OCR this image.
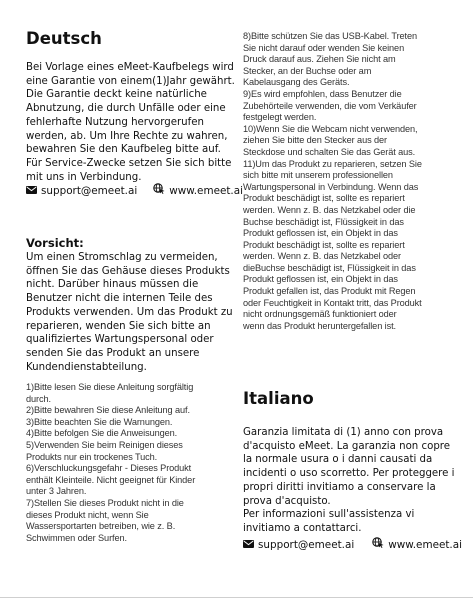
Deutsch
Bei Vorlage eines eMeet-Kaufbelegs wird
eine Garantie von einem(1)Jahr gewährt.
Die Garantie deckt keine natürliche
Abnutzung, die durch Unfälle oder eine
fehlerhafte Nutzung hervorgerufen
werden, ab. Um Ihre Rechte zu wahren,
bewahren Sie den Kaufbeleg bitte auf.
Für Service-Zwecke setzen Sie sich bitte
mit uns in Verbindung.
support@emeet.ai	www.emeet.ai
Vorsicht:
Um einen Stromschlag zu vermeiden,
öffnen Sie das Gehäuse dieses Produkts
nicht. Darüber hinaus müssen die
Benutzer nicht die internen Teile des
Produkts verwenden. Um das Produkt zu
reparieren, wenden Sie sich bitte an
qualifiziertes Wartungspersonal oder
senden Sie das Produkt an unsere
Kundendienstabteilung.
1)Bitte lesen Sie diese Anleitung sorgfältig
durch.
2)Bitte bewahren Sie diese Anleitung auf.
3)Bitte beachten Sie die Warnungen.
4)Bitte befolgen Sie die Anweisungen.
5)Verwenden Sie beim Reinigen dieses
Produkts nur ein trockenes Tuch.
6)Verschluckungsgefahr - Dieses Produkt
enthält Kleinteile. Nicht geeignet für Kinder
unter 3 Jahren.
7)Stellen Sie dieses Produkt nicht in die
dieses Produkt nicht, wenn Sie
Wassersportarten betreiben, wie z. B.
Schwimmen oder Surfen.
8)Bitte schützen Sie das USB-Kabel. Treten
Sie nicht darauf oder wenden Sie keinen
Druck darauf aus. Ziehen Sie nicht am
Stecker, an der Buchse oder am
Kabelausgang des Geräts.
9)Es wird empfohlen, dass Benutzer die
Zubehörteile verwenden, die vom Verkäufer
festgelegt werden.
10)Wenn Sie die Webcam nicht verwenden,
ziehen Sie bitte den Stecker aus der
Steckdose und schalten Sie das Gerät aus.
11)Um das Produkt zu reparieren, setzen Sie
sich bitte mit unserem professionellen
Wartungspersonal in Verbindung. Wenn das
Produkt beschädigt ist, sollte es repariert
werden. Wenn z. B. das Netzkabel oder die
Buchse beschädigt ist, Flüssigkeit in das
Produkt geflossen ist, ein Objekt in das
Produkt beschädigt ist, sollte es repariert
werden. Wenn z. B. das Netzkabel oder
dieBuchse beschädigt ist, Flüssigkeit in das
Produkt geflossen ist, ein Objekt in das
Produkt gefallen ist, das Produkt mit Regen
oder Feuchtigkeit in Kontakt tritt, das Produkt
nicht ordnungsgemäß funktioniert oder
wenn das Produkt heruntergefallen ist.
Italiano
Garanzia limitata di (1) anno con prova
d'acquisto eMeet. La garanzia non copre
la normale usura o i danni causati da
incidenti o uso scorretto. Per proteggere i
propri diritti invitiamo a conservare la
prova d'acquisto.
Per informazioni sull'assistenza vi
invitiamo a contattarci.
support@emeet.ai	www.emeet.ai
